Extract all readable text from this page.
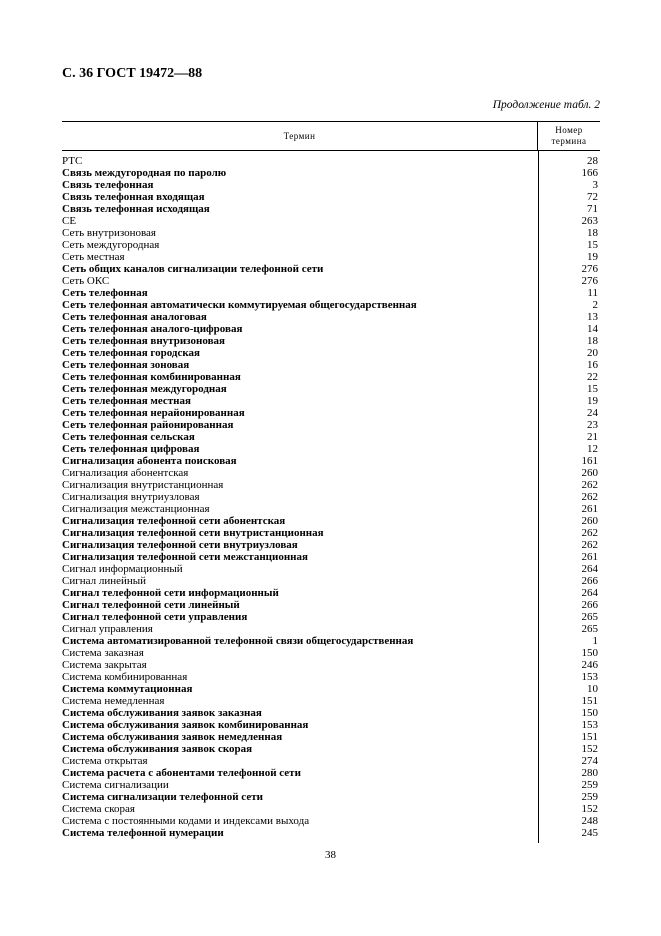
С. 36 ГОСТ 19472—88
Продолжение табл. 2
Термин
Номер
термина
РТС	28
Связь междугородная по паролю	166
Связь телефонная	3
Связь телефонная входящая	72
Связь телефонная исходящая	71
СЕ	263
Сеть внутризоновая	18
Сеть междугородная	15
Сеть местная	19
Сеть общих каналов сигнализации телефонной сети	276
Сеть ОКС	276
Сеть телефонная	11
Сеть телефонная автоматически коммутируемая общегосударственная	2
Сеть телефонная аналоговая	13
Сеть телефонная аналого-цифровая	14
Сеть телефонная внутризоновая	18
Сеть телефонная городская	20
Сеть телефонная зоновая	16
Сеть телефонная комбинированная	22
Сеть телефонная междугородная	15
Сеть телефонная местная	19
Сеть телефонная нерайонированная	24
Сеть телефонная районированная	23
Сеть телефонная сельская	21
Сеть телефонная цифровая	12
Сигнализация абонента поисковая	161
Сигнализация абонентская	260
Сигнализация внутристанционная	262
Сигнализация внутриузловая	262
Сигнализация межстанционная	261
Сигнализация телефонной сети абонентская	260
Сигнализация телефонной сети внутристанционная	262
Сигнализация телефонной сети внутриузловая	262
Сигнализация телефонной сети межстанционная	261
Сигнал информационный	264
Сигнал линейный	266
Сигнал телефонной сети информационный	264
Сигнал телефонной сети линейный	266
Сигнал телефонной сети управления	265
Сигнал управления	265
Система автоматизированной телефонной связи общегосударственная	1
Система заказная	150
Система закрытая	246
Система комбинированная	153
Система коммутационная	10
Система немедленная	151
Система обслуживания заявок заказная	150
Система обслуживания заявок комбинированная	153
Система обслуживания заявок немедленная	151
Система обслуживания заявок скорая	152
Система открытая	274
Система расчета с абонентами телефонной сети	280
Система сигнализации	259
Система сигнализации телефонной сети	259
Система скорая	152
Система с постоянными кодами и индексами выхода	248
Система телефонной нумерации	245
38
